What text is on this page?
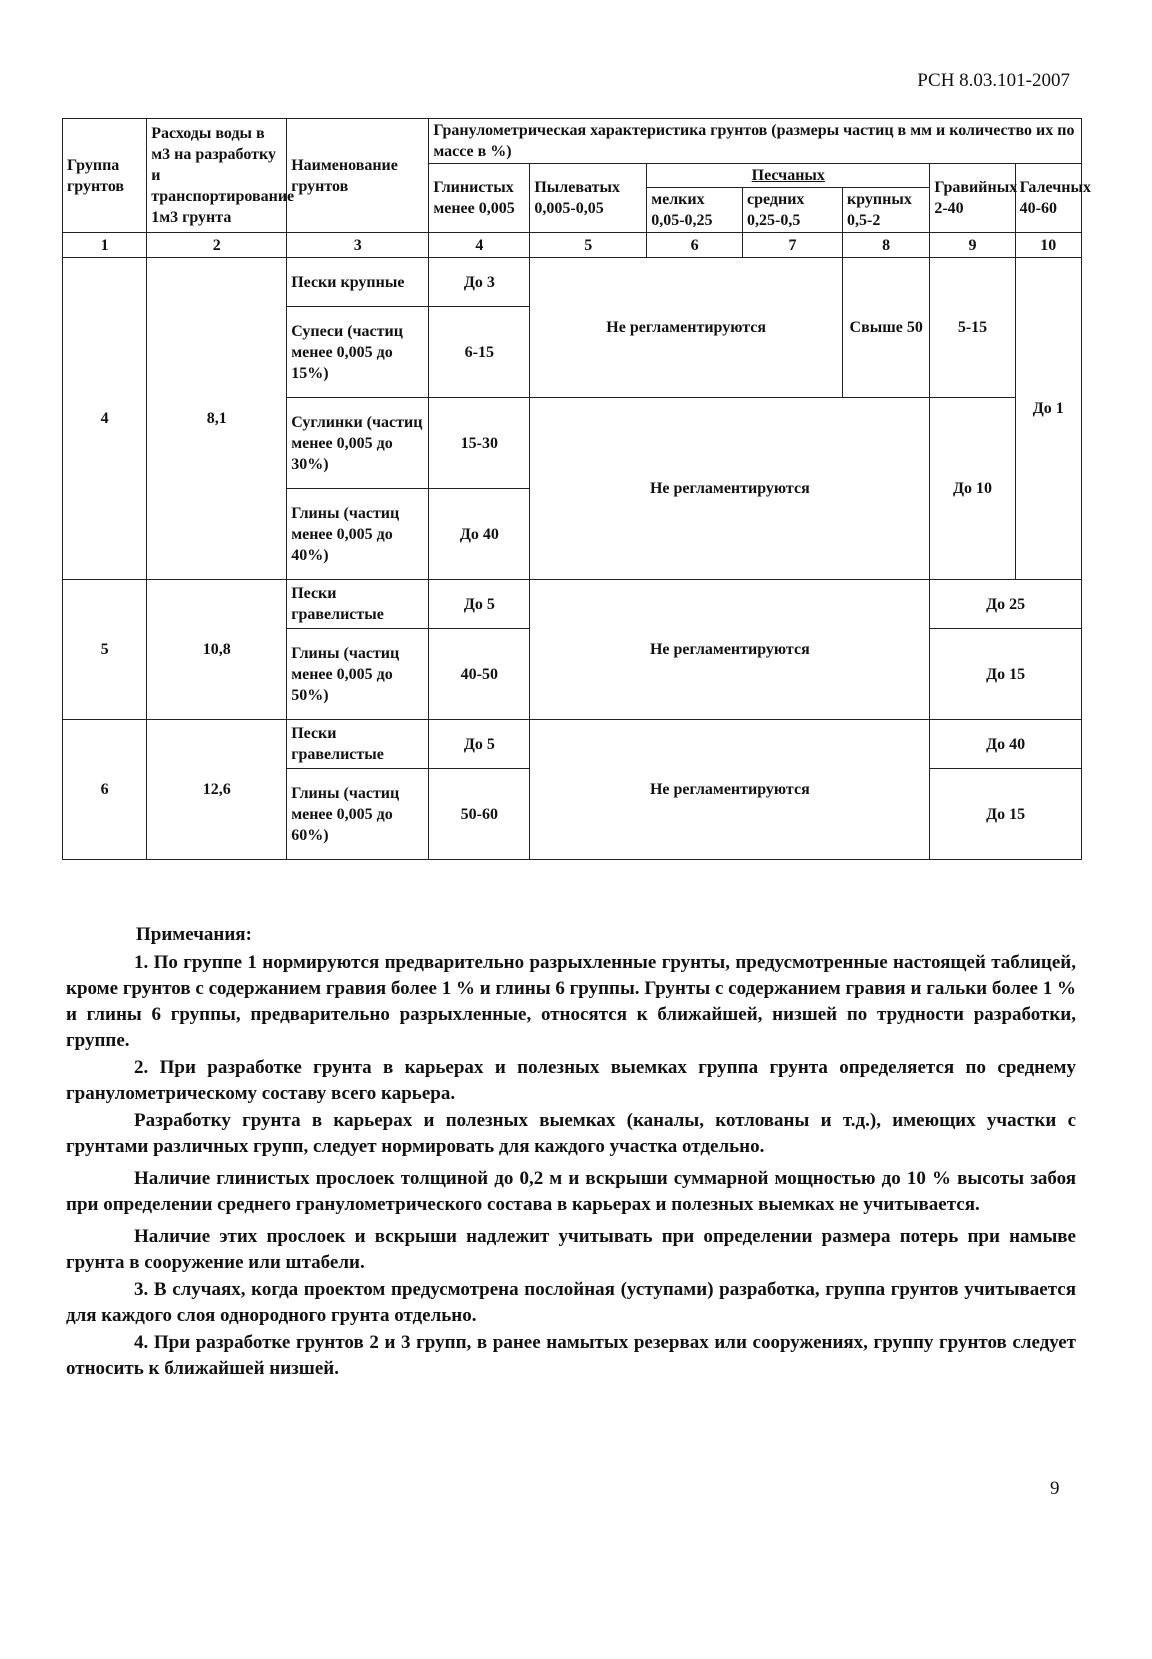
РСН 8.03.101-2007
Группа грунтов	Расходы воды в м3 на разработку и транспортирование 1м3 грунта	Наименование грунтов	Гранулометрическая характеристика грунтов (размеры частиц в мм и количество их по массе в %)						
			Глинистых менее 0,005	Пылеватых 0,005-0,05	Песчаных			Гравийных 2-40	Галечных 40-60
					мелких 0,05-0,25	средних 0,25-0,5	крупных 0,5-2		
1	2	3	4	5	6	7	8	9	10
4	8,1	Пески крупные	До 3	Не регламентируются			Свыше 50	5-15	До 1
		Супеси (частиц менее 0,005 до 15%)	6-15						
		Суглинки (частиц менее 0,005 до 30%)	15-30	Не регламентируются				До 10	
		Глины (частиц менее 0,005 до 40%)	До 40						
5	10,8	Пески гравелистые	До 5	Не регламентируются				До 25	
		Глины (частиц менее 0,005 до 50%)	40-50					До 15	
6	12,6	Пески гравелистые	До 5	Не регламентируются				До 40	
		Глины (частиц менее 0,005 до 60%)	50-60					До 15	

Примечания:

1. По группе 1 нормируются предварительно разрыхленные грунты, предусмотренные настоящей таблицей, кроме грунтов с содержанием гравия более 1 % и глины 6 группы. Грунты с содержанием гравия и гальки более 1 % и глины 6 группы, предварительно разрыхленные, относятся к ближайшей, низшей по трудности разработки, группе.

2. При разработке грунта в карьерах и полезных выемках группа грунта определяется по среднему гранулометрическому составу всего карьера.

Разработку грунта в карьерах и полезных выемках (каналы, котлованы и т.д.), имеющих участки с грунтами различных групп, следует нормировать для каждого участка отдельно.

Наличие глинистых прослоек толщиной до 0,2 м и вскрыши суммарной мощностью до 10 % высоты забоя при определении среднего гранулометрического состава в карьерах и полезных выемках не учитывается.

Наличие этих прослоек и вскрыши надлежит учитывать при определении размера потерь при намыве грунта в сооружение или штабели.

3. В случаях, когда проектом предусмотрена послойная (уступами) разработка, группа грунтов учитывается для каждого слоя однородного грунта отдельно.

4. При разработке грунтов 2 и 3 групп, в ранее намытых резервах или сооружениях, группу грунтов следует относить к ближайшей низшей.

9
